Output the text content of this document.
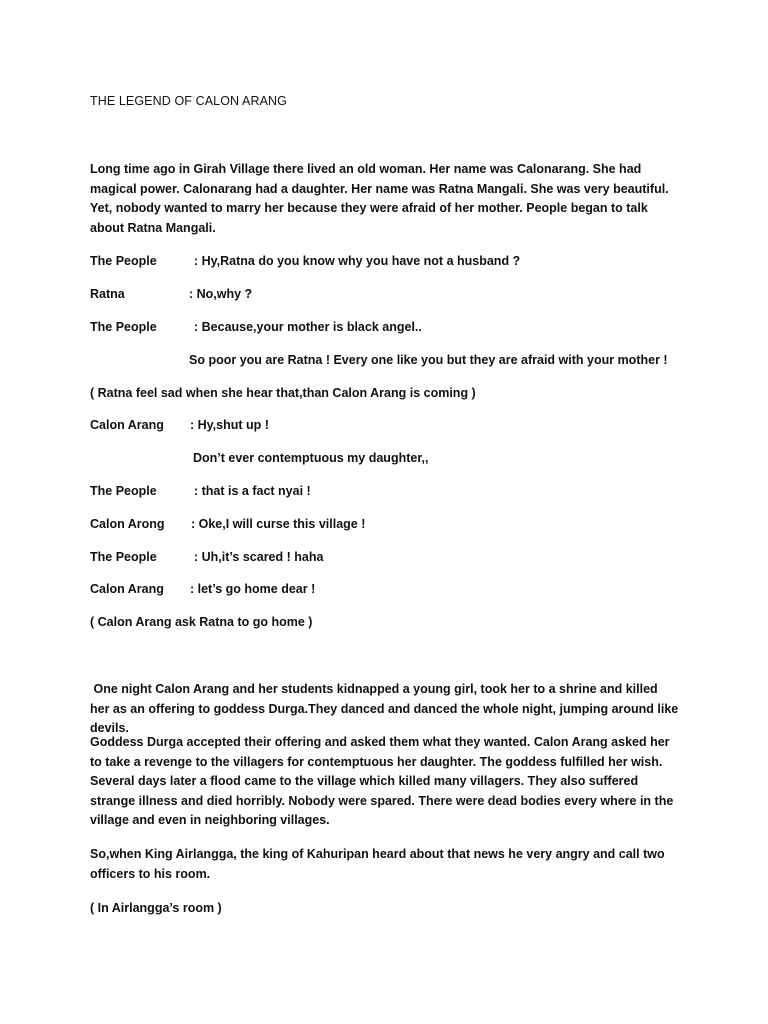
THE LEGEND OF CALON ARANG

Long time ago in Girah Village there lived an old woman. Her name was Calonarang. She had magical power. Calonarang had a daughter. Her name was Ratna Mangali. She was very beautiful. Yet, nobody wanted to marry her because they were afraid of her mother. People began to talk about Ratna Mangali.

The People	: Hy,Ratna do you know why you have not a husband ?
Ratna	: No,why ?
The People	: Because,your mother is black angel..
So poor you are Ratna ! Every one like you but they are afraid with your mother !
( Ratna feel sad when she hear that,than Calon Arang is coming )
Calon Arang : Hy,shut up !
Don’t ever contemptuous my daughter,,
The People	: that is a fact nyai !
Calon Arong : Oke,I will curse this village !
The People	: Uh,it’s scared ! haha
Calon Arang : let’s go home dear !
( Calon Arang ask Ratna to go home )

One night Calon Arang and her students kidnapped a young girl, took her to a shrine and killed her as an offering to goddess Durga.They danced and danced the whole night, jumping around like devils.

Goddess Durga accepted their offering and asked them what they wanted. Calon Arang asked her to take a revenge to the villagers for contemptuous her daughter. The goddess fulfilled her wish. Several days later a flood came to the village which killed many villagers. They also suffered strange illness and died horribly. Nobody were spared. There were dead bodies every where in the village and even in neighboring villages.

So,when King Airlangga, the king of Kahuripan heard about that news he very angry and call two officers to his room.

( In Airlangga’s room )
